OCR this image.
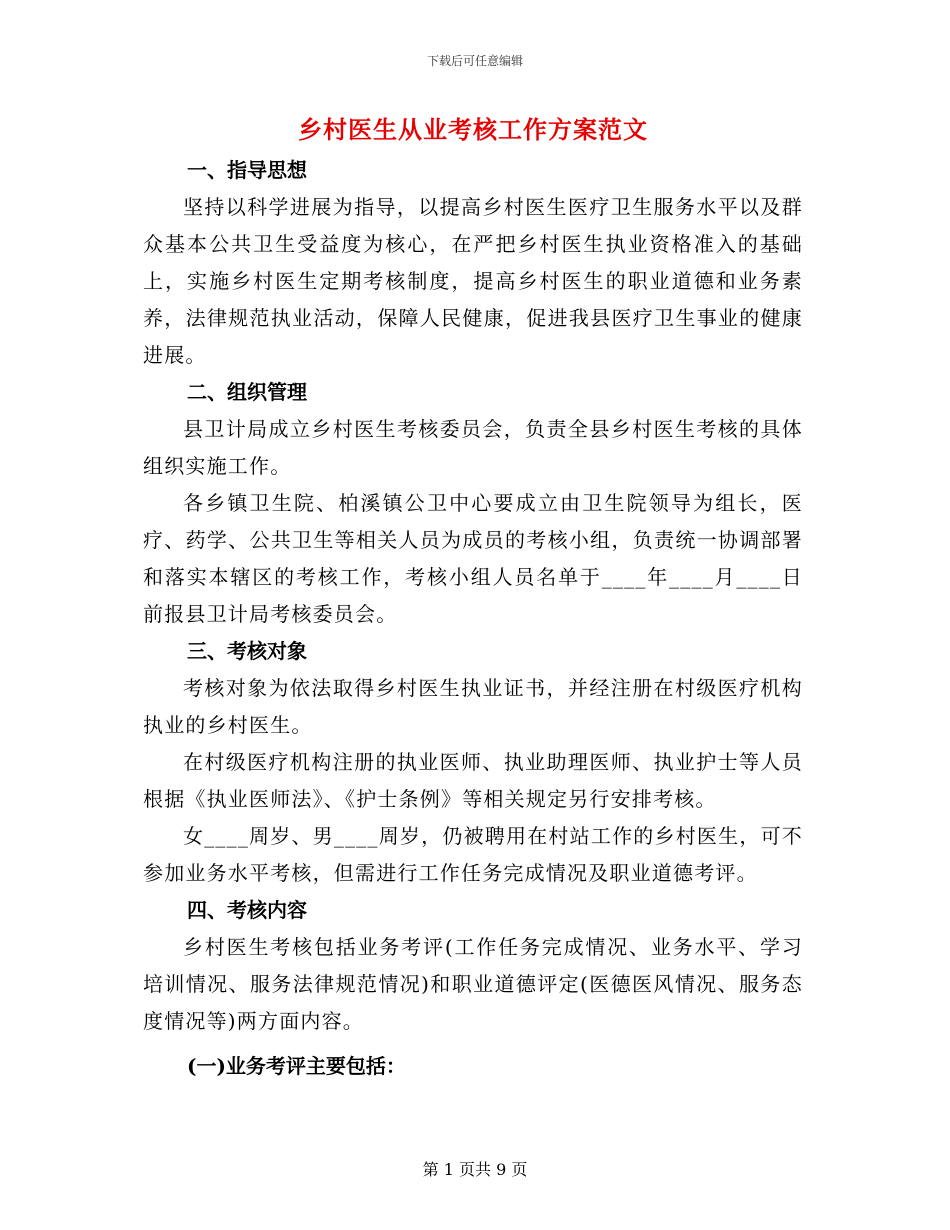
下载后可任意编辑
乡村医生从业考核工作方案范文

一、指导思想

坚持以科学进展为指导，以提高乡村医生医疗卫生服务水平以及群众基本公共卫生受益度为核心，在严把乡村医生执业资格准入的基础上，实施乡村医生定期考核制度，提高乡村医生的职业道德和业务素养，法律规范执业活动，保障人民健康，促进我县医疗卫生事业的健康进展。

二、组织管理

县卫计局成立乡村医生考核委员会，负责全县乡村医生考核的具体组织实施工作。

各乡镇卫生院、柏溪镇公卫中心要成立由卫生院领导为组长，医疗、药学、公共卫生等相关人员为成员的考核小组，负责统一协调部署和落实本辖区的考核工作，考核小组人员名单于____年____月____日前报县卫计局考核委员会。

三、考核对象

考核对象为依法取得乡村医生执业证书，并经注册在村级医疗机构执业的乡村医生。

在村级医疗机构注册的执业医师、执业助理医师、执业护士等人员根据《执业医师法》、《护士条例》等相关规定另行安排考核。

女____周岁、男____周岁，仍被聘用在村站工作的乡村医生，可不参加业务水平考核，但需进行工作任务完成情况及职业道德考评。

四、考核内容

乡村医生考核包括业务考评(工作任务完成情况、业务水平、学习培训情况、服务法律规范情况)和职业道德评定(医德医风情况、服务态度情况等)两方面内容。

(一)业务考评主要包括：

第 1 页共 9 页
